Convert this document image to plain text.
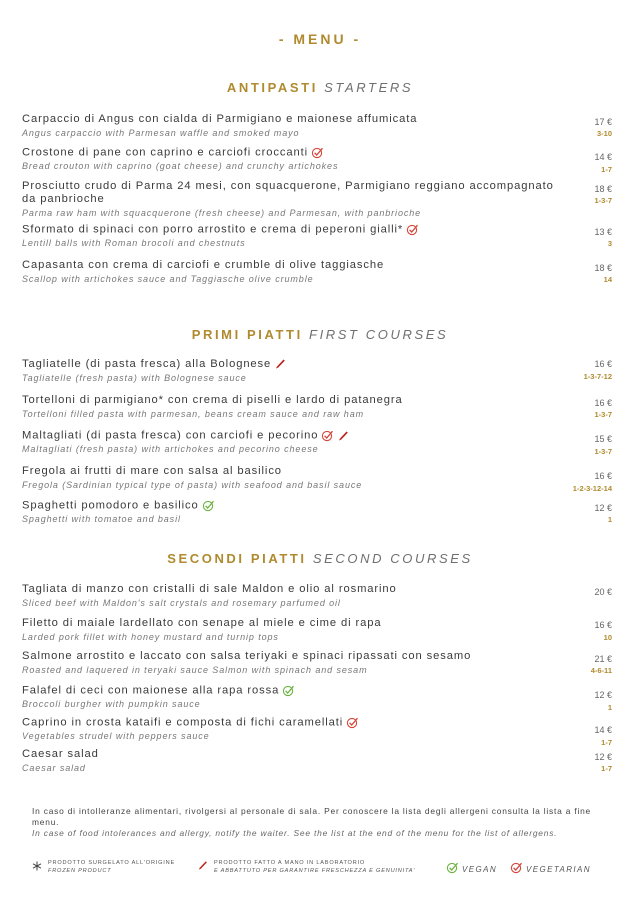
- MENU -
ANTIPASTI STARTERS
Carpaccio di Angus con cialda di Parmigiano e maionese affumicata
Angus carpaccio with Parmesan waffle and smoked mayo
17 €
3-10
Crostone di pane con caprino e carciofi croccanti
Bread crouton with caprino (goat cheese) and crunchy artichokes
14 €
1-7
Prosciutto crudo di Parma 24 mesi, con squacquerone, Parmigiano reggiano accompagnato da panbrioche
Parma raw ham with squacquerone (fresh cheese) and Parmesan, with panbrioche
18 €
1-3-7
Sformato di spinaci con porro arrostito e crema di peperoni gialli*
Lentill balls with Roman brocoli and chestnuts
13 €
3
Capasanta con crema di carciofi e crumble di olive taggiasche
Scallop with artichokes sauce and Taggiasche olive crumble
18 €
14
PRIMI PIATTI FIRST COURSES
Tagliatelle (di pasta fresca) alla Bolognese
Tagliatelle (fresh pasta) with Bolognese sauce
16 €
1-3-7-12
Tortelloni di parmigiano* con crema di piselli e lardo di patanegra
Tortelloni filled pasta with parmesan, beans cream sauce and raw ham
16 €
1-3-7
Maltagliati (di pasta fresca) con carciofi e pecorino
Maltagliati (fresh pasta) with artichokes and pecorino cheese
15 €
1-3-7
Fregola ai frutti di mare con salsa al basilico
Fregola (Sardinian typical type of pasta) with seafood and basil sauce
16 €
1-2-3-12-14
Spaghetti pomodoro e basilico
Spaghetti with tomatoe and basil
12 €
1
SECONDI PIATTI SECOND COURSES
Tagliata di manzo con cristalli di sale Maldon e olio al rosmarino
Sliced beef with Maldon's salt crystals and rosemary parfumed oil
20 €
Filetto di maiale lardellato con senape al miele e cime di rapa
Larded pork fillet with honey mustard and turnip tops
16 €
10
Salmone arrostito e laccato con salsa teriyaki e spinaci ripassati con sesamo
Roasted and laquered in teryaki sauce Salmon with spinach and sesam
21 €
4-6-11
Falafel di ceci con maionese alla rapa rossa
Broccoli burgher with pumpkin sauce
12 €
1
Caprino in crosta kataifi e composta di fichi caramellati
Vegetables strudel with peppers sauce
14 €
1-7
Caesar salad
Caesar salad
12 €
1-7
In caso di intolleranze alimentari, rivolgersi al personale di sala. Per conoscere la lista degli allergeni consulta la lista a fine menu.
In case of food intolerances and allergy, notify the waiter. See the list at the end of the menu for the list of allergens.
PRODOTTO SURGELATO ALL'ORIGINE
FROZEN PRODUCT
PRODOTTO FATTO A MANO IN LABORATORIO
E ABBATTUTO PER GARANTIRE FRESCHEZZA E GENUINITA'	VEGAN	VEGETARIAN
